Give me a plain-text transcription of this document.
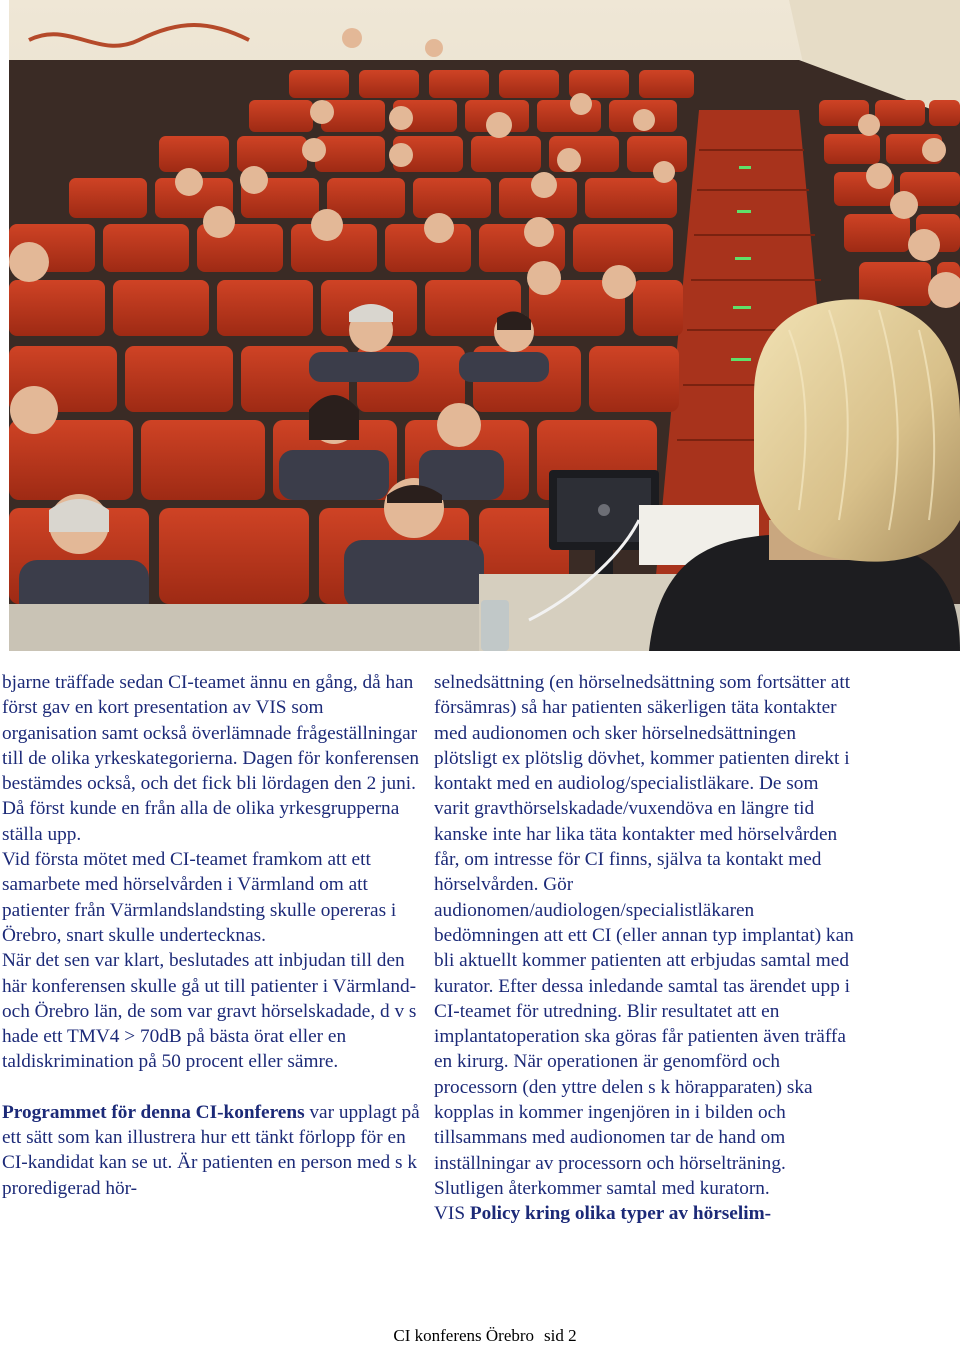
bjarne träffade sedan CI-teamet ännu en gång, då han först gav en kort presentation av VIS som organisation samt också överlämnade frågeställningar till de olika yrkeskategorierna. Dagen för konferensen bestämdes också, och det fick bli lördagen den 2 juni. Då först kunde en från alla de olika yrkesgrupperna ställa upp.

Vid första mötet med CI-teamet framkom att ett samarbete med hörselvården i Värmland om att patienter från Värmlandslandsting skulle opereras i Örebro, snart skulle undertecknas.

När det sen var klart, beslutades att inbjudan till den här konferensen skulle gå ut till patienter i Värmland- och Örebro län, de som var gravt hörselskadade, d v s hade ett TMV4 > 70dB på bästa örat eller en taldiskrimination på 50 procent eller sämre.

Programmet för denna CI-konferens var upplagt på ett sätt som kan illustrera hur ett tänkt förlopp för en CI-kandidat kan se ut. Är patienten en person med s k proredigerad hör-

selnedsättning (en hörselnedsättning som fortsätter att försämras) så har patienten säkerligen täta kontakter med audionomen och sker hörselnedsättningen plötsligt ex plötslig dövhet, kommer patienten direkt i kontakt med en audiolog/specialistläkare. De som varit gravthörselskadade/vuxendöva en längre tid kanske inte har lika täta kontakter med hörselvården får, om intresse för CI finns, själva ta kontakt med hörselvården. Gör audionomen/audiologen/specialistläkaren bedömningen att ett CI (eller annan typ implantat) kan bli aktuellt kommer patienten att erbjudas samtal med kurator. Efter dessa inledande samtal tas ärendet upp i CI-teamet för utredning. Blir resultatet att en implantatoperation ska göras får patienten även träffa en kirurg. När operationen är genomförd och processorn (den yttre delen s k hörapparaten) ska kopplas in kommer ingenjören in i bilden och tillsammans med audionomen tar de hand om inställningar av processorn och hörselträning. Slutligen återkommer samtal med kuratorn.

VIS Policy kring olika typer av hörselim-

CI konferens Örebro sid 2
